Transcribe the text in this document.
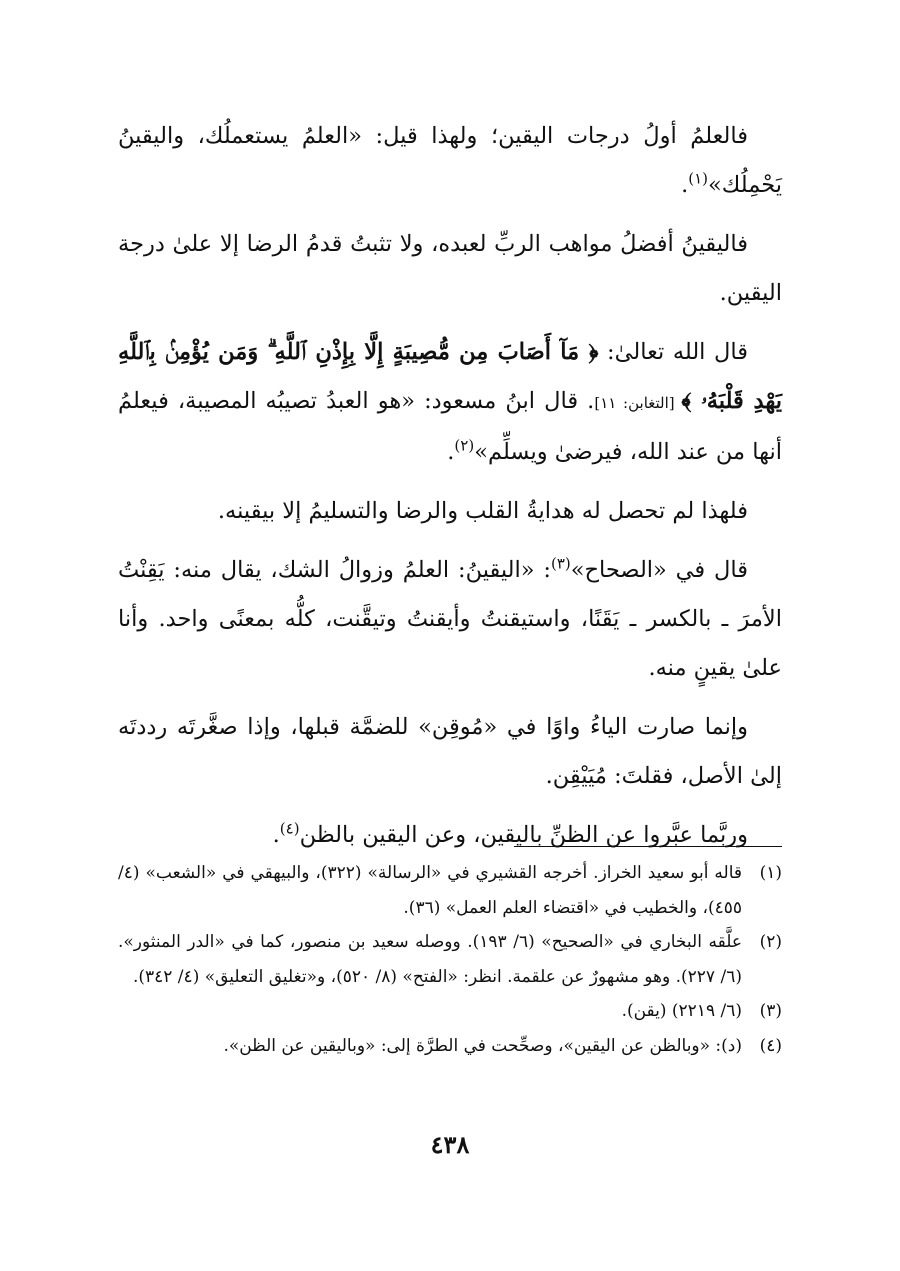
فالعلمُ أولُ درجات اليقين؛ ولهذا قيل: «العلمُ يستعملُك، واليقينُ يَحْمِلُك»$^{(١)}$.

فاليقينُ أفضلُ مواهب الربِّ لعبده، ولا تثبتُ قدمُ الرضا إلا علىٰ درجة اليقين.

قال الله تعالىٰ: ﴿ مَآ أَصَابَ مِن مُّصِيبَةٍ إِلَّا بِإِذْنِ ٱللَّهِ ۗ وَمَن يُؤْمِنۢ بِٱللَّهِ يَهْدِ قَلْبَهُۥ ﴾ [التغابن: ١١]. قال ابنُ مسعود: «هو العبدُ تصيبُه المصيبة، فيعلمُ أنها من عند الله، فيرضىٰ ويسلِّم»$^{(٢)}$.

فلهذا لم تحصل له هدايةُ القلب والرضا والتسليمُ إلا بيقينه.

قال في «الصحاح»$^{(٣)}$: «اليقينُ: العلمُ وزوالُ الشك، يقال منه: يَقِنْتُ الأمرَ ـ بالكسر ـ يَقَنًا، واستيقنتُ وأيقنتُ وتيقَّنت، كلُّه بمعنًى واحد. وأنا علىٰ يقينٍ منه.

وإنما صارت الياءُ واوًا في «مُوقِن» للضمَّة قبلها، وإذا صغَّرتَه رددتَه إلىٰ الأصل، فقلتَ: مُيَيْقِن.

وربَّما عبَّروا عن الظنِّ باليقين، وعن اليقين بالظن$^{(٤)}$.

(١)
قاله أبو سعيد الخراز. أخرجه القشيري في «الرسالة» (٣٢٢)، والبيهقي في «الشعب» (٤/ ٤٥٥)، والخطيب في «اقتضاء العلم العمل» (٣٦).
(٢)
علَّقه البخاري في «الصحيح» (٦/ ١٩٣). ووصله سعيد بن منصور، كما في «الدر المنثور». (٦/ ٢٢٧). وهو مشهورٌ عن علقمة. انظر: «الفتح» (٨/ ٥٢٠)، و«تغليق التعليق» (٤/ ٣٤٢).
(٣)
(٦/ ٢٢١٩) (يقن).
(٤)
(د): «وبالظن عن اليقين»، وصحِّحت في الطرَّة إلى: «وباليقين عن الظن».
٤٣٨
